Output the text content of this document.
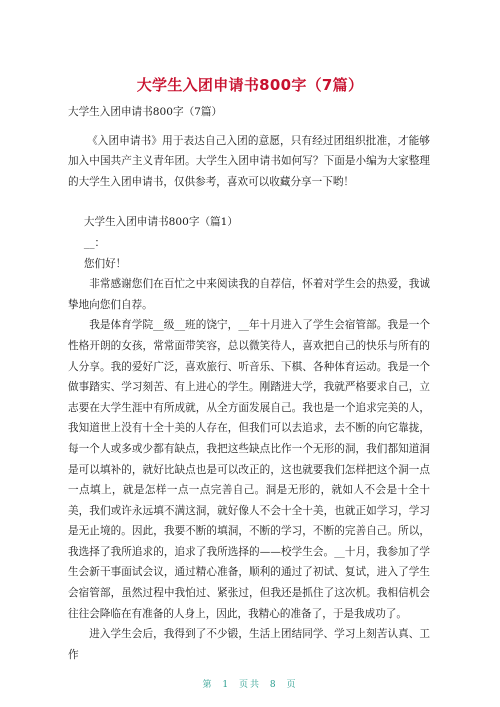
大学生入团申请书800字（7篇）

大学生入团申请书800字（7篇）

《入团申请书》用于表达自己入团的意愿，只有经过团组织批准，才能够加入中国共产主义青年团。大学生入团申请书如何写？下面是小编为大家整理的大学生入团申请书，仅供参考，喜欢可以收藏分享一下哟！

大学生入团申请书800字（篇1）

__：

您们好！

非常感谢您们在百忙之中来阅读我的自荐信，怀着对学生会的热爱，我诚挚地向您们自荐。

我是体育学院__级__班的饶宁，__年十月进入了学生会宿管部。我是一个性格开朗的女孩，常常面带笑容，总以微笑待人，喜欢把自己的快乐与所有的人分享。我的爱好广泛，喜欢旅行、听音乐、下棋、各种体育运动。我是一个做事踏实、学习刻苦、有上进心的学生。刚踏进大学，我就严格要求自己，立志要在大学生涯中有所成就，从全方面发展自己。我也是一个追求完美的人，我知道世上没有十全十美的人存在，但我们可以去追求，去不断的向它靠拢，每一个人或多或少都有缺点，我把这些缺点比作一个无形的洞，我们都知道洞是可以填补的，就好比缺点也是可以改正的，这也就要我们怎样把这个洞一点一点填上，就是怎样一点一点完善自己。洞是无形的，就如人不会是十全十美，我们或许永远填不满这洞，就好像人不会十全十美，也就正如学习，学习是无止境的。因此，我要不断的填洞，不断的学习，不断的完善自己。所以，我选择了我所追求的，追求了我所选择的——校学生会。__十月，我参加了学生会新干事面试会议，通过精心准备，顺利的通过了初试、复试，进入了学生会宿管部，虽然过程中我怕过、紧张过，但我还是抓住了这次机。我相信机会往往会降临在有准备的人身上，因此，我精心的准备了，于是我成功了。

进入学生会后，我得到了不少锻，生活上团结同学、学习上刻苦认真、工作

第 1 页共 8 页
